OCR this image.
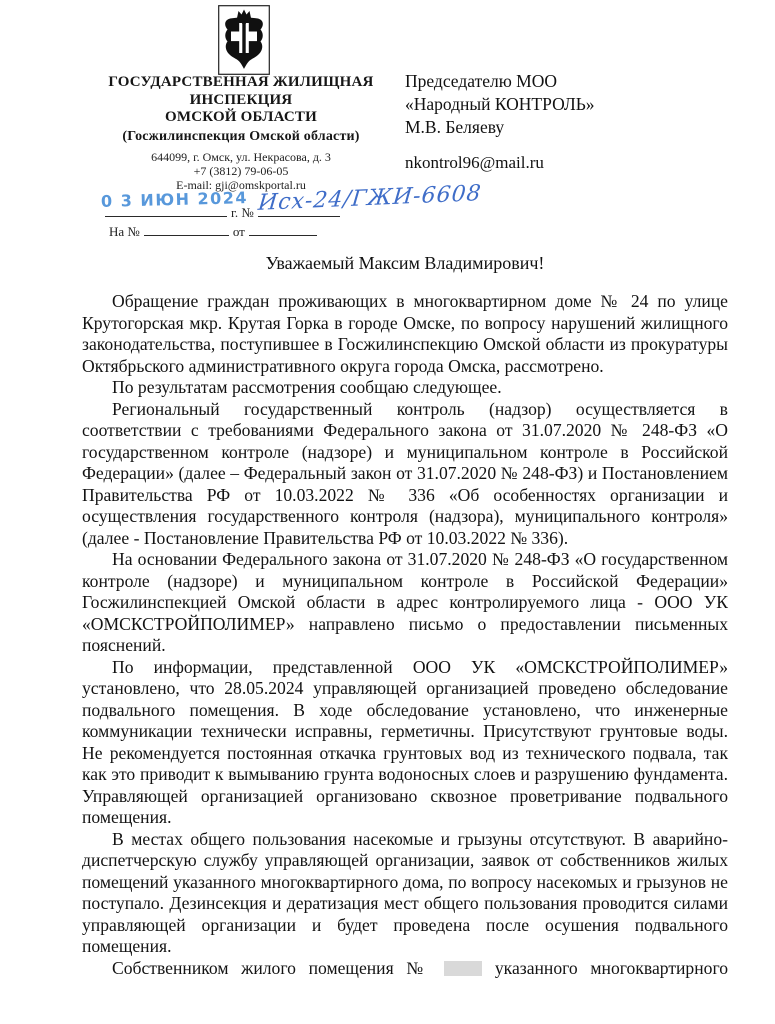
ГОСУДАРСТВЕННАЯ ЖИЛИЩНАЯ
ИНСПЕКЦИЯ
ОМСКОЙ ОБЛАСТИ
(Госжилинспекция Омской области)
644099, г. Омск, ул. Некрасова, д. 3
+7 (3812) 79-06-05
E-mail: gji@omskportal.ru
Председателю МОО
«Народный КОНТРОЛЬ»
М.В. Беляеву
nkontrol96@mail.ru
0 3 ИЮН 2024 Исх-24/ГЖИ-6608
г. №
На №	от
Уважаемый Максим Владимирович!

Обращение граждан проживающих в многоквартирном доме № 24 по улице Крутогорская мкр. Крутая Горка в городе Омске, по вопросу нарушений жилищного законодательства, поступившее в Госжилинспекцию Омской области из прокуратуры Октябрьского административного округа города Омска, рассмотрено.

По результатам рассмотрения сообщаю следующее.

Региональный государственный контроль (надзор) осуществляется в соответствии с требованиями Федерального закона от 31.07.2020 № 248-ФЗ «О государственном контроле (надзоре) и муниципальном контроле в Российской Федерации» (далее – Федеральный закон от 31.07.2020 № 248-ФЗ) и Постановлением Правительства РФ от 10.03.2022 № 336 «Об особенностях организации и осуществления государственного контроля (надзора), муниципального контроля» (далее - Постановление Правительства РФ от 10.03.2022 № 336).

На основании Федерального закона от 31.07.2020 № 248-ФЗ «О государственном контроле (надзоре) и муниципальном контроле в Российской Федерации» Госжилинспекцией Омской области в адрес контролируемого лица - ООО УК «ОМСКСТРОЙПОЛИМЕР» направлено письмо о предоставлении письменных пояснений.

По информации, представленной ООО УК «ОМСКСТРОЙПОЛИМЕР» установлено, что 28.05.2024 управляющей организацией проведено обследование подвального помещения. В ходе обследование установлено, что инженерные коммуникации технически исправны, герметичны. Присутствуют грунтовые воды. Не рекомендуется постоянная откачка грунтовых вод из технического подвала, так как это приводит к вымыванию грунта водоносных слоев и разрушению фундамента. Управляющей организацией организовано сквозное проветривание подвального помещения.

В местах общего пользования насекомые и грызуны отсутствуют. В аварийно-диспетчерскую службу управляющей организации, заявок от собственников жилых помещений указанного многоквартирного дома, по вопросу насекомых и грызунов не поступало. Дезинсекция и дератизация мест общего пользования проводится силами управляющей организации и будет проведена после осушения подвального помещения.

Собственником жилого помещения №	указанного многоквартирного
